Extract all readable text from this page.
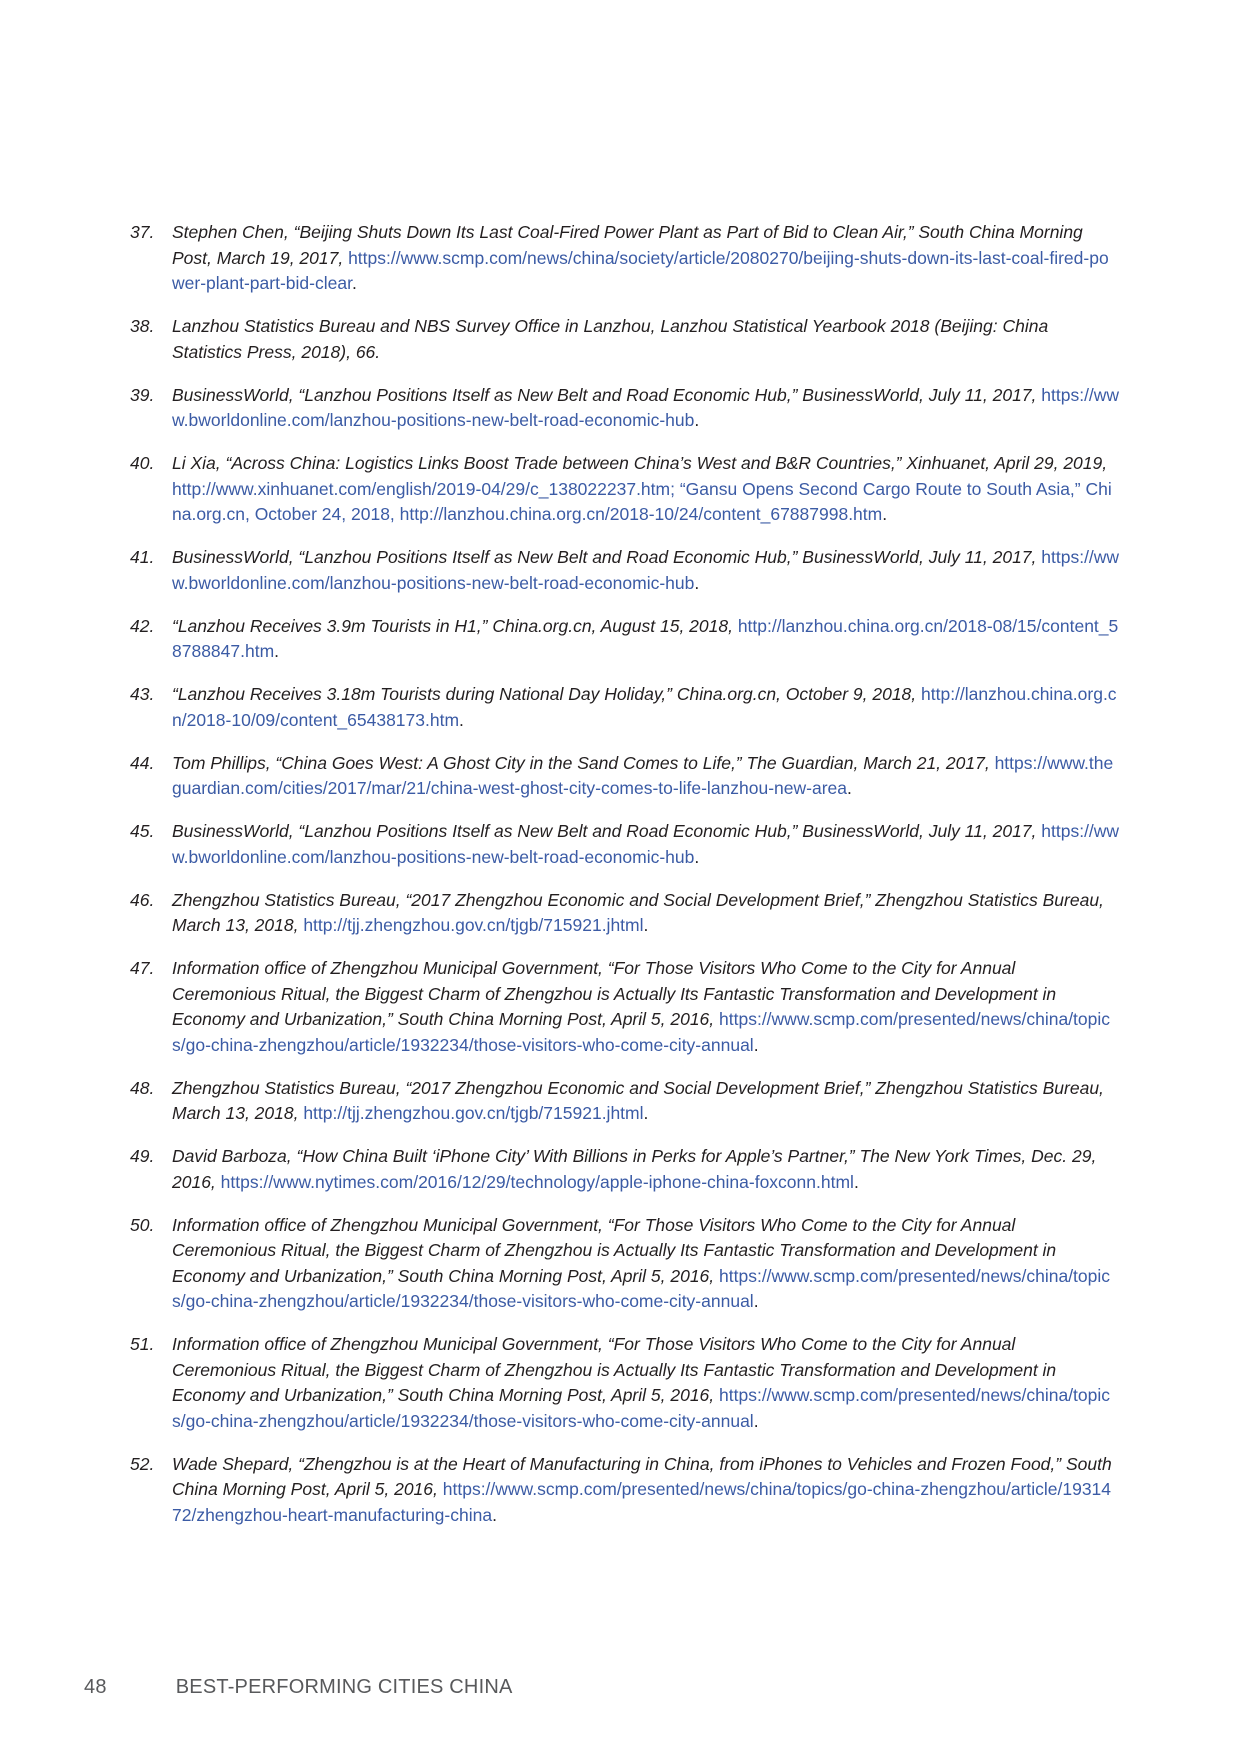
37.	Stephen Chen, “Beijing Shuts Down Its Last Coal-Fired Power Plant as Part of Bid to Clean Air,” South China Morning Post, March 19, 2017, https://www.scmp.com/news/china/society/article/2080270/beijing-shuts-down-its-last-coal-fired-power-plant-part-bid-clear.
38.	Lanzhou Statistics Bureau and NBS Survey Office in Lanzhou, Lanzhou Statistical Yearbook 2018 (Beijing: China Statistics Press, 2018), 66.
39.	BusinessWorld, “Lanzhou Positions Itself as New Belt and Road Economic Hub,” BusinessWorld, July 11, 2017, https://www.bworldonline.com/lanzhou-positions-new-belt-road-economic-hub.
40.	Li Xia, “Across China: Logistics Links Boost Trade between China’s West and B&R Countries,” Xinhuanet, April 29, 2019, http://www.xinhuanet.com/english/2019-04/29/c_138022237.htm; “Gansu Opens Second Cargo Route to South Asia,” China.org.cn, October 24, 2018, http://lanzhou.china.org.cn/2018-10/24/content_67887998.htm.
41.	BusinessWorld, “Lanzhou Positions Itself as New Belt and Road Economic Hub,” BusinessWorld, July 11, 2017, https://www.bworldonline.com/lanzhou-positions-new-belt-road-economic-hub.
42.	“Lanzhou Receives 3.9m Tourists in H1,” China.org.cn, August 15, 2018, http://lanzhou.china.org.cn/2018-08/15/content_58788847.htm.
43.	“Lanzhou Receives 3.18m Tourists during National Day Holiday,” China.org.cn, October 9, 2018, http://lanzhou.china.org.cn/2018-10/09/content_65438173.htm.
44.	Tom Phillips, “China Goes West: A Ghost City in the Sand Comes to Life,” The Guardian, March 21, 2017, https://www.theguardian.com/cities/2017/mar/21/china-west-ghost-city-comes-to-life-lanzhou-new-area.
45.	BusinessWorld, “Lanzhou Positions Itself as New Belt and Road Economic Hub,” BusinessWorld, July 11, 2017, https://www.bworldonline.com/lanzhou-positions-new-belt-road-economic-hub.
46.	Zhengzhou Statistics Bureau, “2017 Zhengzhou Economic and Social Development Brief,” Zhengzhou Statistics Bureau, March 13, 2018, http://tjj.zhengzhou.gov.cn/tjgb/715921.jhtml.
47.	Information office of Zhengzhou Municipal Government, “For Those Visitors Who Come to the City for Annual Ceremonious Ritual, the Biggest Charm of Zhengzhou is Actually Its Fantastic Transformation and Development in Economy and Urbanization,” South China Morning Post, April 5, 2016, https://www.scmp.com/presented/news/china/topics/go-china-zhengzhou/article/1932234/those-visitors-who-come-city-annual.
48.	Zhengzhou Statistics Bureau, “2017 Zhengzhou Economic and Social Development Brief,” Zhengzhou Statistics Bureau, March 13, 2018, http://tjj.zhengzhou.gov.cn/tjgb/715921.jhtml.
49.	David Barboza, “How China Built ‘iPhone City’ With Billions in Perks for Apple’s Partner,” The New York Times, Dec. 29, 2016, https://www.nytimes.com/2016/12/29/technology/apple-iphone-china-foxconn.html.
50.	Information office of Zhengzhou Municipal Government, “For Those Visitors Who Come to the City for Annual Ceremonious Ritual, the Biggest Charm of Zhengzhou is Actually Its Fantastic Transformation and Development in Economy and Urbanization,” South China Morning Post, April 5, 2016, https://www.scmp.com/presented/news/china/topics/go-china-zhengzhou/article/1932234/those-visitors-who-come-city-annual.
51.	Information office of Zhengzhou Municipal Government, “For Those Visitors Who Come to the City for Annual Ceremonious Ritual, the Biggest Charm of Zhengzhou is Actually Its Fantastic Transformation and Development in Economy and Urbanization,” South China Morning Post, April 5, 2016, https://www.scmp.com/presented/news/china/topics/go-china-zhengzhou/article/1932234/those-visitors-who-come-city-annual.
52.	Wade Shepard, “Zhengzhou is at the Heart of Manufacturing in China, from iPhones to Vehicles and Frozen Food,” South China Morning Post, April 5, 2016, https://www.scmp.com/presented/news/china/topics/go-china-zhengzhou/article/1931472/zhengzhou-heart-manufacturing-china.
48	BEST-PERFORMING CITIES CHINA
